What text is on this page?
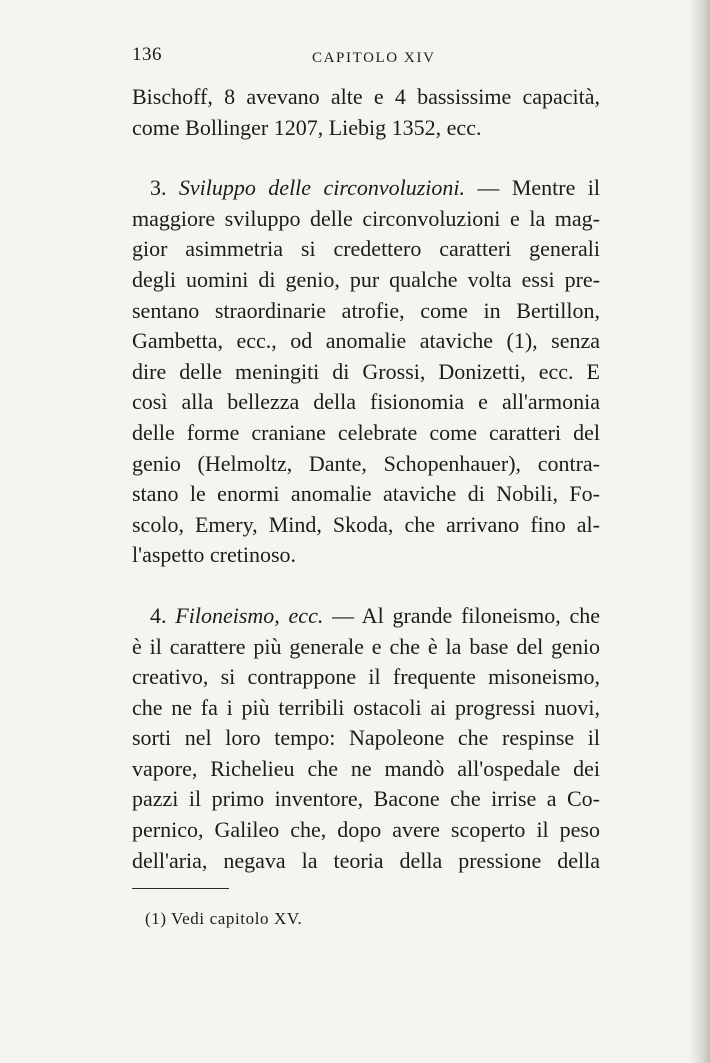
136	CAPITOLO XIV
Bischoff, 8 avevano alte e 4 bassissime capacità,
come Bollinger 1207, Liebig 1352, ecc.
3. Sviluppo delle circonvoluzioni. — Mentre il
maggiore sviluppo delle circonvoluzioni e la mag-
gior asimmetria si credettero caratteri generali
degli uomini di genio, pur qualche volta essi pre-
sentano straordinarie atrofie, come in Bertillon,
Gambetta, ecc., od anomalie ataviche (1), senza
dire delle meningiti di Grossi, Donizetti, ecc. E
così alla bellezza della fisionomia e all'armonia
delle forme craniane celebrate come caratteri del
genio (Helmoltz, Dante, Schopenhauer), contra-
stano le enormi anomalie ataviche di Nobili, Fo-
scolo, Emery, Mind, Skoda, che arrivano fino al-
l'aspetto cretinoso.
4. Filoneismo, ecc. — Al grande filoneismo, che
è il carattere più generale e che è la base del genio
creativo, si contrappone il frequente misoneismo,
che ne fa i più terribili ostacoli ai progressi nuovi,
sorti nel loro tempo: Napoleone che respinse il
vapore, Richelieu che ne mandò all'ospedale dei
pazzi il primo inventore, Bacone che irrise a Co-
pernico, Galileo che, dopo avere scoperto il peso
dell'aria, negava la teoria della pressione della
(1) Vedi capitolo XV.
